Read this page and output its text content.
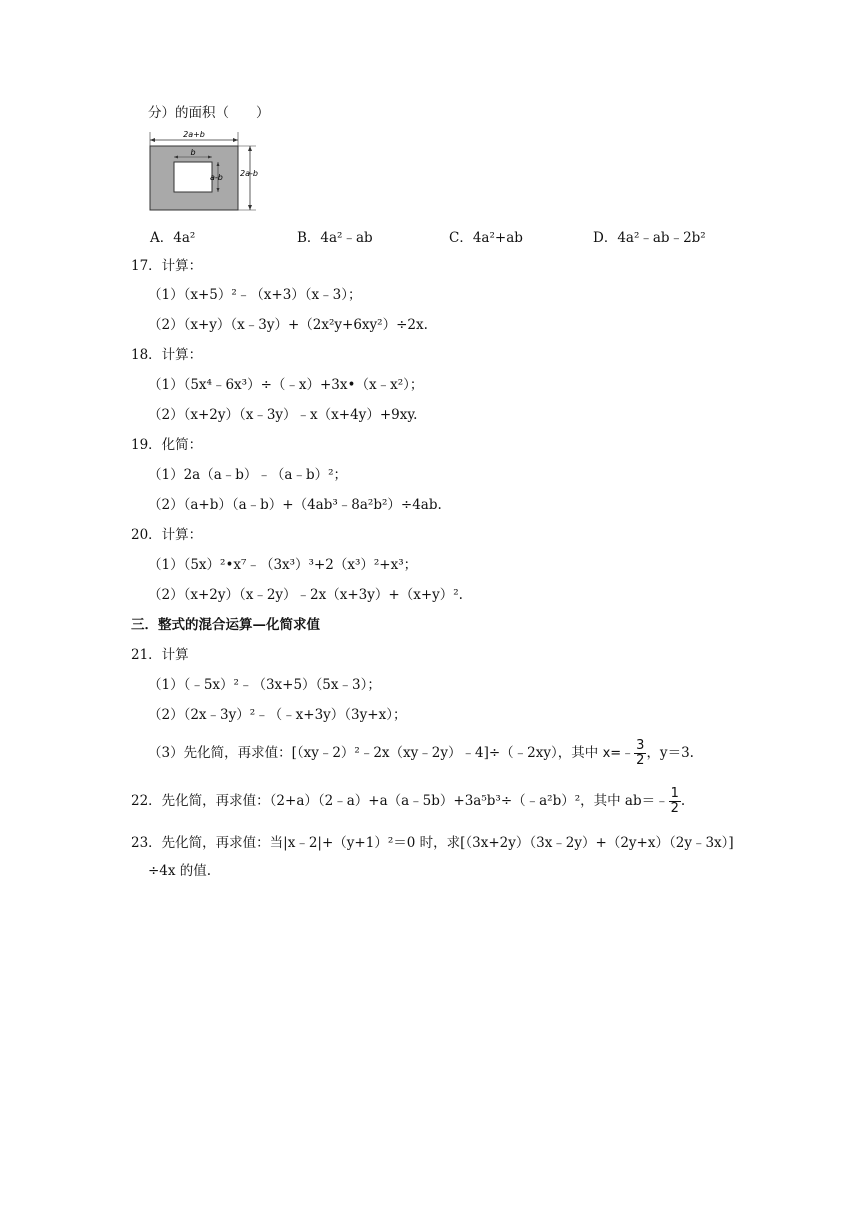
分）的面积（　　）
2a+b
b
a-b 2a-b
A．4a²	B．4a²﹣ab	C．4a²+ab	D．4a²﹣ab﹣2b²
17．计算：
（1）（x+5）²﹣（x+3）（x﹣3）；
（2）（x+y）（x﹣3y）+（2x²y+6xy²）÷2x.
18．计算：
（1）（5x⁴﹣6x³）÷（﹣x）+3x•（x﹣x²）；
（2）（x+2y）（x﹣3y）﹣x（x+4y）+9xy.
19．化简：
（1）2a（a﹣b）﹣（a﹣b）²；
（2）（a+b）（a﹣b）+（4ab³﹣8a²b²）÷4ab.
20．计算：
（1）（5x）²•x⁷﹣（3x³）³+2（x³）²+x³；
（2）（x+2y）（x﹣2y）﹣2x（x+3y）+（x+y）².
三．整式的混合运算—化简求值
21．计算
（1）（﹣5x）²﹣（3x+5）（5x﹣3）；
（2）（2x﹣3y）²﹣（﹣x+3y）（3y+x）；
（3）先化简，再求值：[（xy﹣2）²﹣2x（xy﹣2y）﹣4]÷（﹣2xy），其中 x=﹣ $\frac{3}{2}$ ，y＝3.
22．先化简，再求值：（2+a）（2﹣a）+a（a﹣5b）+3a⁵b³÷（﹣a²b）²，其中 ab＝﹣ $\frac{1}{2}$ .
23．先化简，再求值：当|x﹣2|+（y+1）²＝0 时，求[（3x+2y）（3x﹣2y）+（2y+x）（2y﹣3x）]
÷4x 的值.
